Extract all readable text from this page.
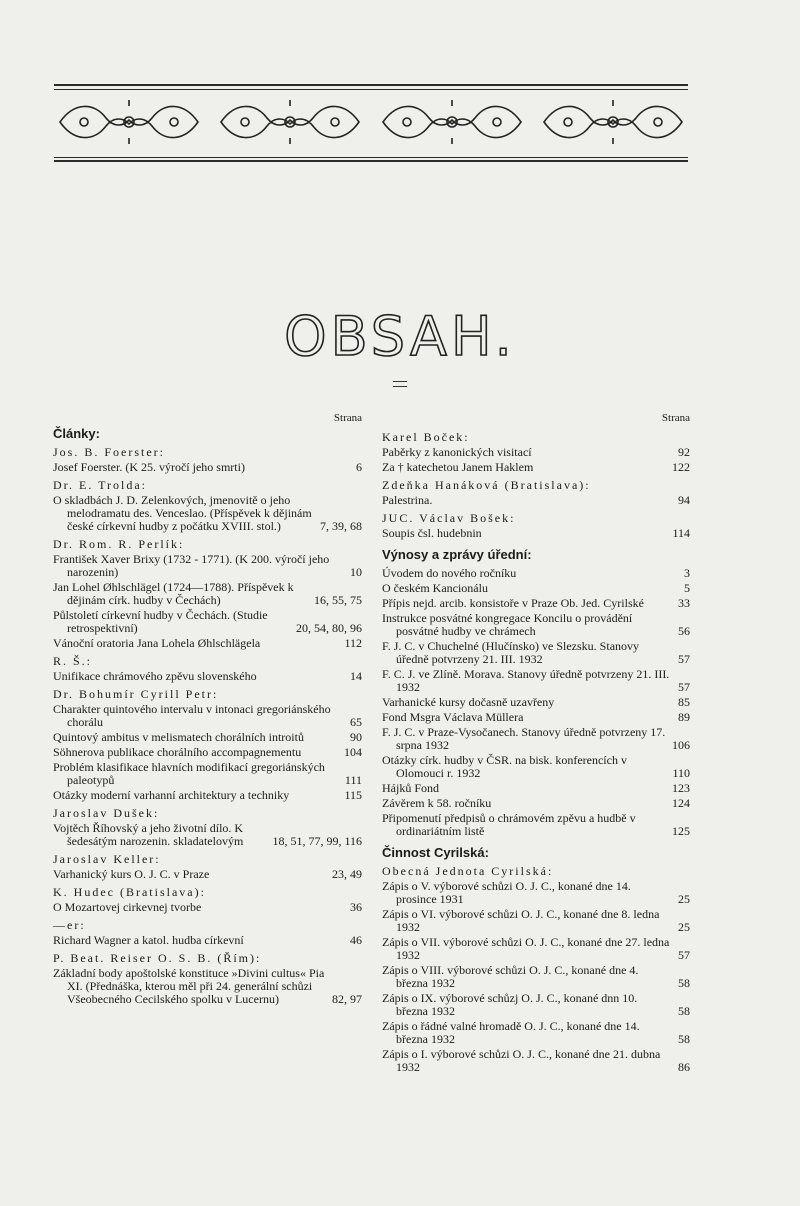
OBSAH.
Strana
Články:
Jos. B. Foerster:
Josef Foerster. (K 25. výročí jeho smrti)	6
Dr. E. Trolda:
O skladbách J. D. Zelenkových, jmenovitě o jeho melodramatu des. Venceslao. (Příspěvek k dějinám české církevní hudby z počátku XVIII. stol.)	7, 39, 68
Dr. Rom. R. Perlík:
František Xaver Brixy (1732 - 1771). (K 200. výročí jeho narozenin)	10
Jan Lohel Øhlschlägel (1724—1788). Příspěvek k dějinám círk. hudby v Čechách)	16, 55, 75
Půlstoletí církevní hudby v Čechách. (Studie retrospektivní)	20, 54, 80, 96
Vánoční oratoria Jana Lohela Øhlschlägela	112
R. Š.:
Unifikace chrámového zpěvu slovenského	14
Dr. Bohumír Cyrill Petr:
Charakter quintového intervalu v intonaci gregoriánského chorálu	65
Quintový ambitus v melismatech chorálních introitů	90
Söhnerova publikace chorálního accompagnementu	104
Problém klasifikace hlavních modifikací gregoriánských paleotypů	111
Otázky moderní varhanní architektury a techniky	115
Jaroslav Dušek:
Vojtěch Říhovský a jeho životní dílo. K šedesátým narozenin. skladatelovým	18, 51, 77, 99, 116
Jaroslav Keller:
Varhanický kurs O. J. C. v Praze	23, 49
K. Hudec (Bratislava):
O Mozartovej cirkevnej tvorbe	36
—er:
Richard Wagner a katol. hudba církevní	46
P. Beat. Reiser O. S. B. (Řím):
Základní body apoštolské konstituce »Divini cultus« Pia XI. (Přednáška, kterou měl při 24. generální schůzi Všeobecného Cecilského spolku v Lucernu)	82, 97
Strana
Karel Boček:
Paběrky z kanonických visitací	92
Za † katechetou Janem Haklem	122
Zdeňka Hanáková (Bratislava):
Palestrina.	94
JUC. Václav Bošek:
Soupis čsl. hudebnin	114
Výnosy a zprávy úřední:
Úvodem do nového ročníku	3
O českém Kancionálu	5
Přípis nejd. arcib. konsistoře v Praze Ob. Jed. Cyrilské	33
Instrukce posvátné kongregace Koncilu o provádění posvátné hudby ve chrámech	56
F. J. C. v Chuchelné (Hlučínsko) ve Slezsku. Stanovy úředně potvrzeny 21. III. 1932	57
F. C. J. ve Zlíně. Morava. Stanovy úředně potvrzeny 21. III. 1932	57
Varhanické kursy dočasně uzavřeny	85
Fond Msgra Václava Müllera	89
F. J. C. v Praze-Vysočanech. Stanovy úředně potvrzeny 17. srpna 1932	106
Otázky círk. hudby v ČSR. na bisk. konferencích v Olomouci r. 1932	110
Hájků Fond	123
Závěrem k 58. ročníku	124
Připomenutí předpisů o chrámovém zpěvu a hudbě v ordinariátním listě	125
Činnost Cyrilská:
Obecná Jednota Cyrilská:
Zápis o V. výborové schůzi O. J. C., konané dne 14. prosince 1931	25
Zápis o VI. výborové schůzi O. J. C., konané dne 8. ledna 1932	25
Zápis o VII. výborové schůzi O. J. C., konané dne 27. ledna 1932	57
Zápis o VIII. výborové schůzi O. J. C., konané dne 4. března 1932	58
Zápis o IX. výborové schůzj O. J. C., konané dnn 10. března 1932	58
Zápis o řádné valné hromadě O. J. C., konané dne 14. března 1932	58
Zápis o I. výborové schůzi O. J. C., konané dne 21. dubna 1932	86
